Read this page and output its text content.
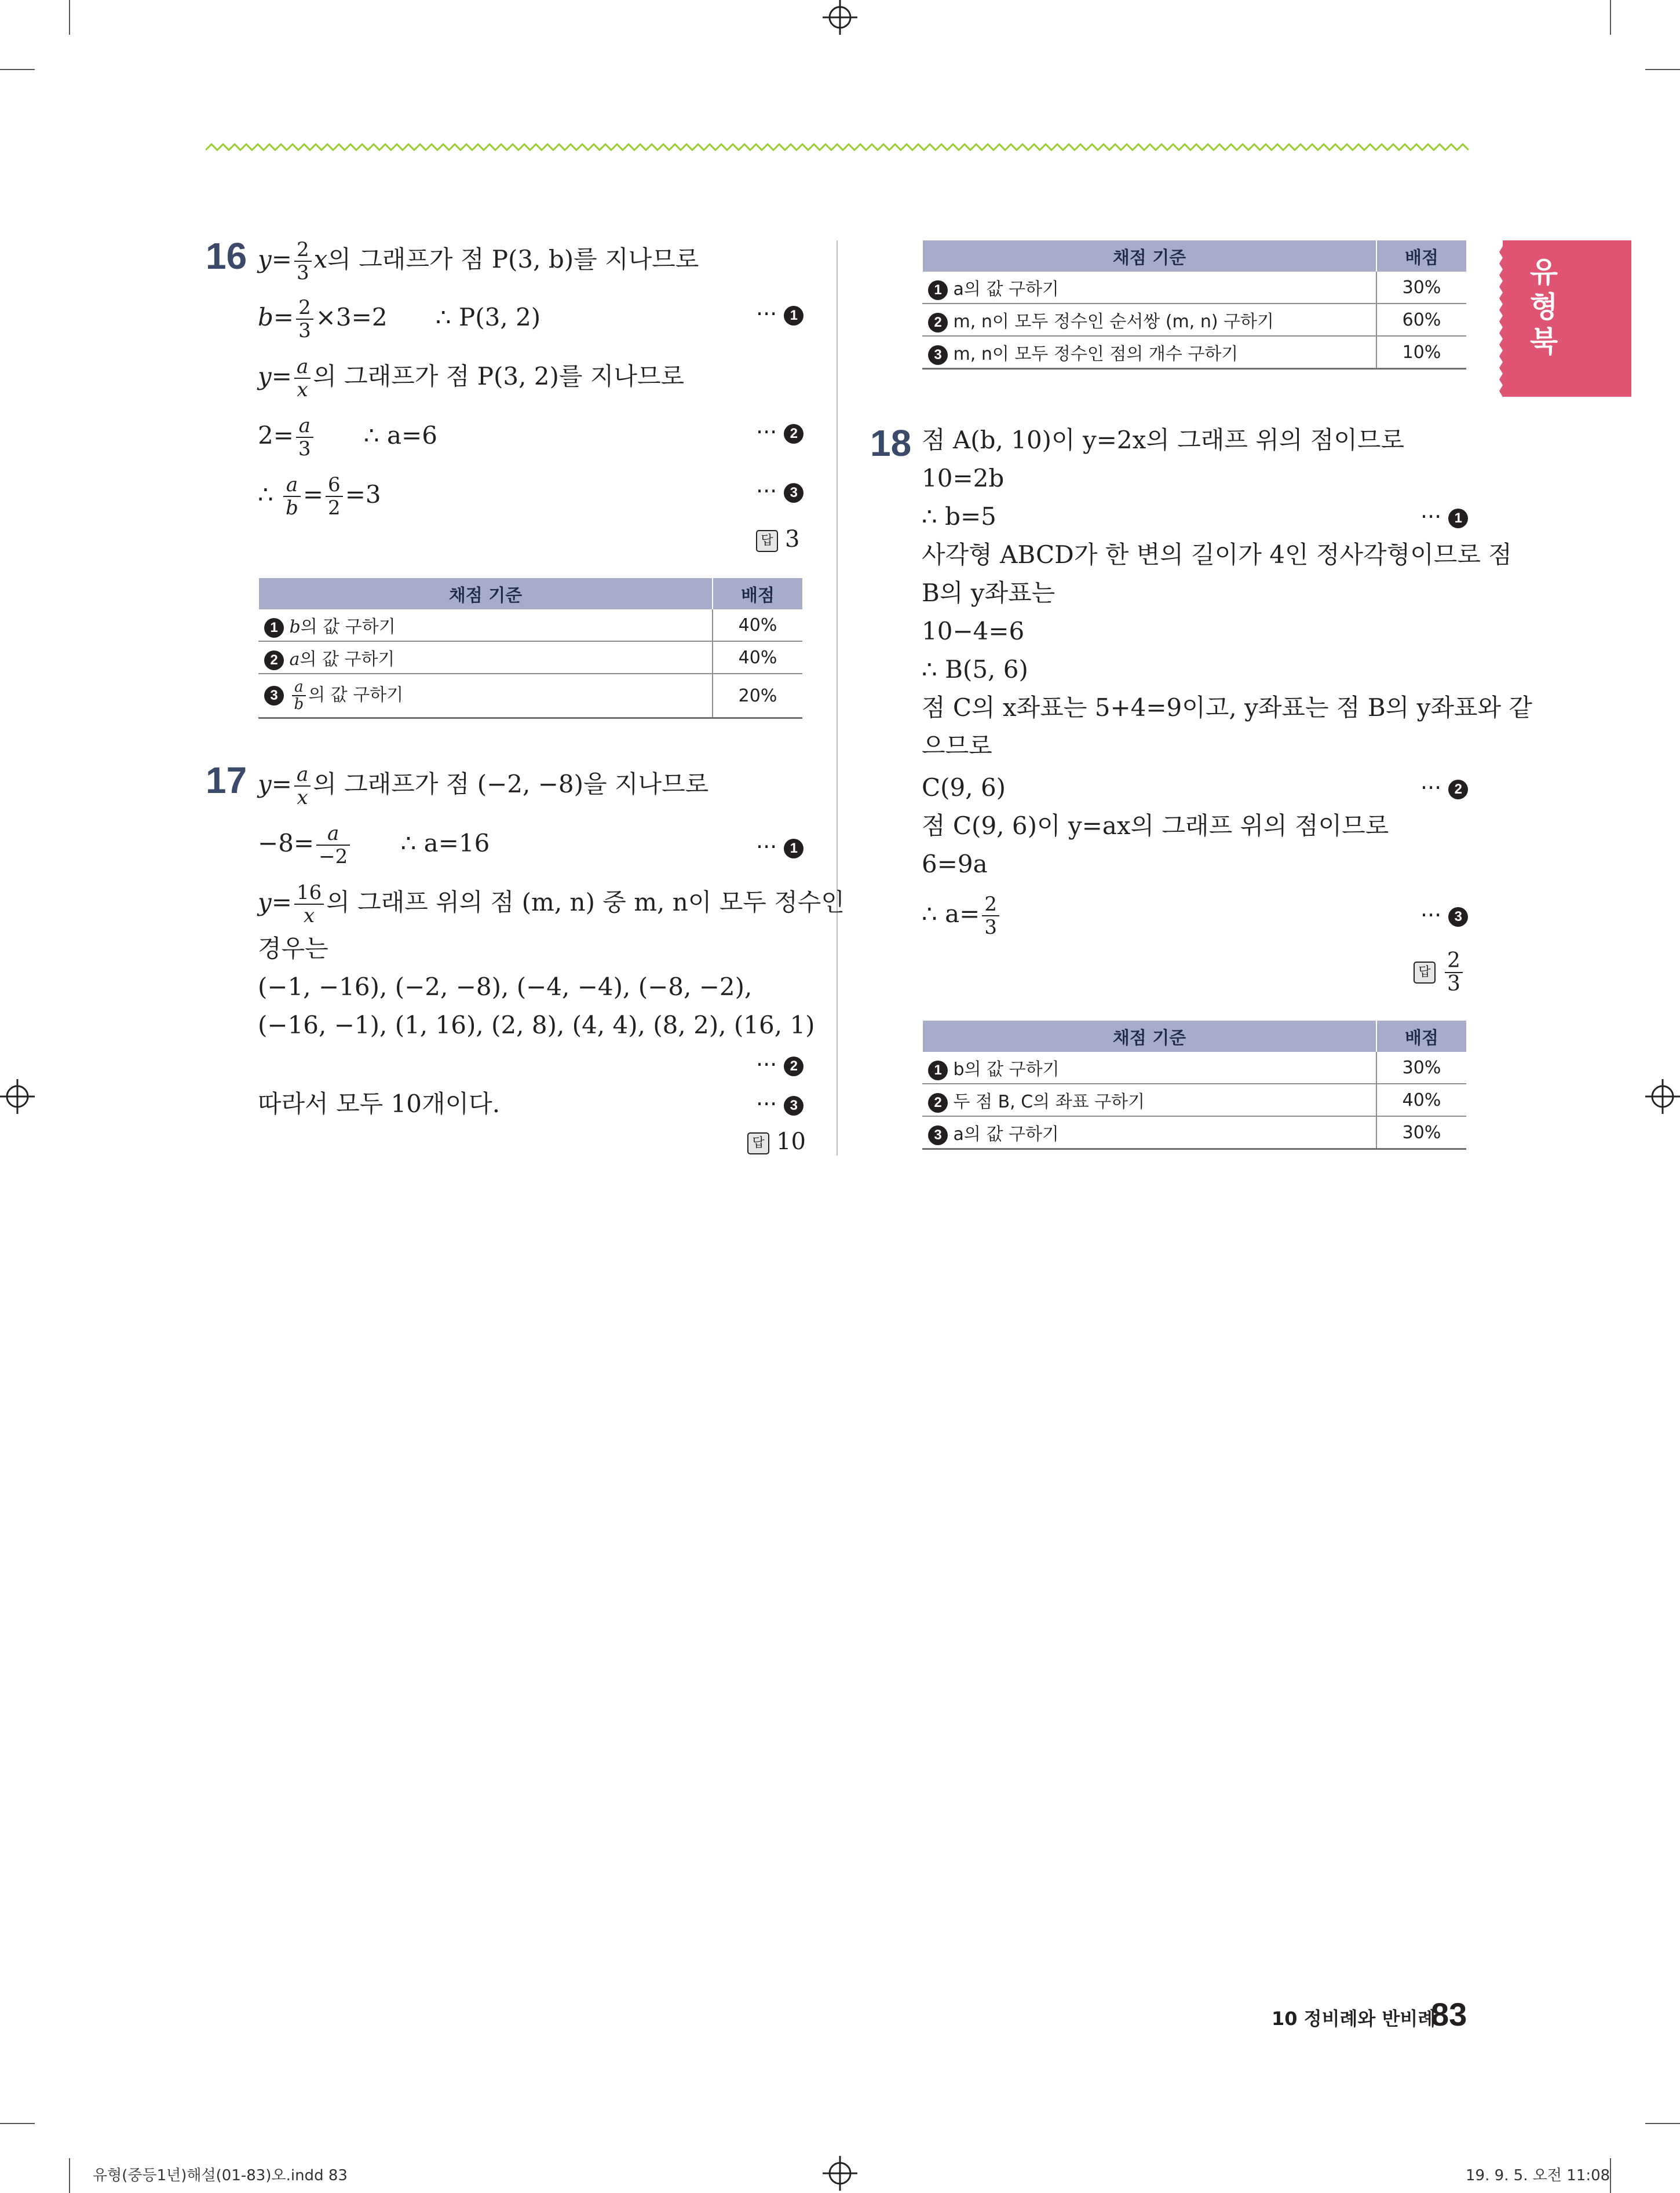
유형북
16 $y= \frac{2}{3}$ x의 그래프가 점 P(3, b)를 지나므로
$b= \frac{2}{3} \times 3=2$ ∴ P(3, 2)	··· 1
$y= \frac{a}{x}$ 의 그래프가 점 P(3, 2)를 지나므로
$2= \frac{a}{3}$ ∴ a=6	··· 2
∴ $\frac{a}{b} = \frac{6}{2} =3$	··· 3
답 3
채점 기준	배점
1 b의 값 구하기	40%
2 a의 값 구하기	40%
$3 \frac{a}{b}$ 의 값 구하기	20%
17 $y= \frac{a}{x}$ 의 그래프가 점 (−2, −8)을 지나므로
$-8= \frac{a}{-2}$ ∴ a=16	··· 1
$y= \frac{16}{x}$ 의 그래프 위의 점 (m, n) 중 m, n이 모두 정수인
경우는
(−1, −16), (−2, −8), (−4, −4), (−8, −2),
(−16, −1), (1, 16), (2, 8), (4, 4), (8, 2), (16, 1)
··· 2
따라서 모두 10개이다.	··· 3
답 10
채점 기준	배점
1 a의 값 구하기	30%
2 m, n이 모두 정수인 순서쌍 (m, n) 구하기	60%
3 m, n이 모두 정수인 점의 개수 구하기	10%
18 점 A(b, 10)이 y=2x의 그래프 위의 점이므로
10=2b
∴ b=5	··· 1
사각형 ABCD가 한 변의 길이가 4인 정사각형이므로 점
B의 y좌표는
10−4=6
∴ B(5, 6)
점 C의 x좌표는 5+4=9이고, y좌표는 점 B의 y좌표와 같
으므로
C(9, 6)	··· 2
점 C(9, 6)이 y=ax의 그래프 위의 점이므로
6=9a
∴ $a= \frac{2}{3}$	··· 3
답 $\frac{2}{3}$
채점 기준	배점
1 b의 값 구하기	30%
2 두 점 B, C의 좌표 구하기	40%
3 a의 값 구하기	30%
10 정비례와 반비례
83
유형(중등1년)해설(01-83)오.indd 83	19. 9. 5. 오전 11:08
